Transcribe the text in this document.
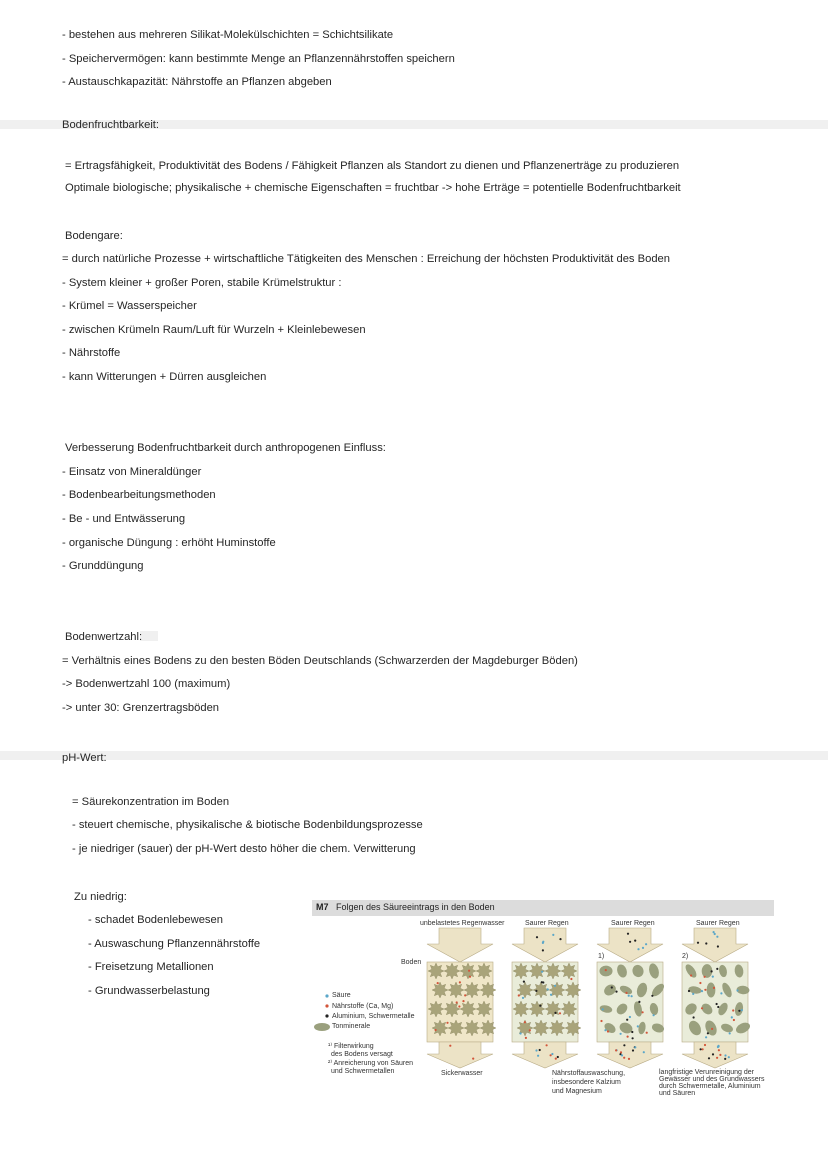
- bestehen aus mehreren Silikat-Molekülschichten = Schichtsilikate
- Speichervermögen: kann bestimmte Menge an Pflanzennährstoffen speichern
- Austauschkapazität: Nährstoffe an Pflanzen abgeben
Bodenfruchtbarkeit:
= Ertragsfähigkeit, Produktivität des Bodens / Fähigkeit Pflanzen als Standort zu dienen und Pflanzenerträge zu produzieren
Optimale biologische; physikalische + chemische Eigenschaften = fruchtbar -> hohe Erträge = potentielle Bodenfruchtbarkeit
Bodengare:
= durch natürliche Prozesse + wirtschaftliche Tätigkeiten des Menschen : Erreichung der höchsten Produktivität des Boden
- System kleiner + großer Poren, stabile Krümelstruktur :
- Krümel = Wasserspeicher
- zwischen Krümeln Raum/Luft für Wurzeln + Kleinlebewesen
- Nährstoffe
- kann Witterungen + Dürren ausgleichen
Verbesserung Bodenfruchtbarkeit durch anthropogenen Einfluss:
- Einsatz von Mineraldünger
- Bodenbearbeitungsmethoden
- Be - und Entwässerung
- organische Düngung : erhöht Huminstoffe
- Grunddüngung
Bodenwertzahl:
= Verhältnis eines Bodens zu den besten Böden Deutschlands (Schwarzerden der Magdeburger Böden)
-> Bodenwertzahl 100 (maximum)
-> unter 30: Grenzertragsböden
pH-Wert:
= Säurekonzentration im Boden
- steuert chemische, physikalische & biotische Bodenbildungsprozesse
- je niedriger (sauer) der pH-Wert desto höher die chem. Verwitterung
Zu niedrig:
- schadet Bodenlebewesen
- Auswaschung Pflanzennährstoffe
- Freisetzung Metallionen
- Grundwasserbelastung
M7 Folgen des Säureeintrags in den Boden
unbelastetes Regenwasser	Saurer Regen	Saurer Regen	Saurer Regen
1)	2)
Boden
Säure
Nährstoffe (Ca, Mg)
Aluminium, Schwermetalle
Tonminerale
¹⁾ Filterwirkung
des Bodens versagt
²⁾ Anreicherung von Säuren
und Schwermetallen	Sickerwasser	Nährstoffauswaschung,
insbesondere Kalzium
und Magnesium
langfristige Verunreinigung der
Gewässer und des Grundwassers
durch Schwermetalle, Aluminium
und Säuren
